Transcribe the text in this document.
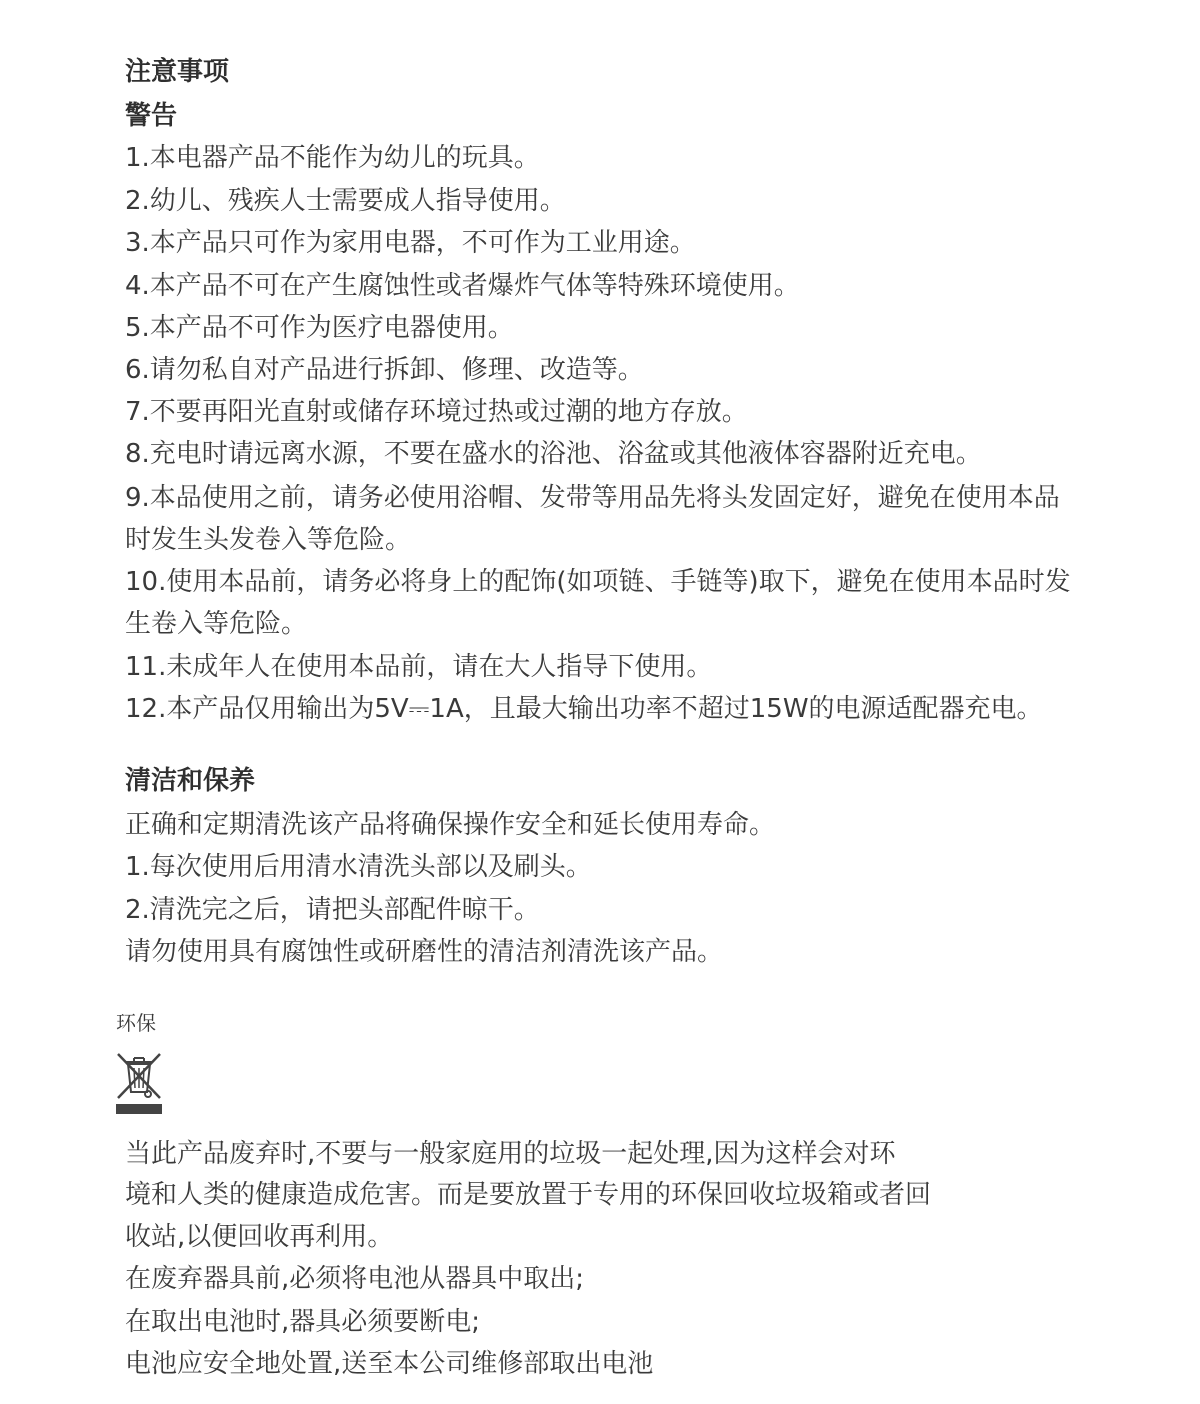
注意事项
警告
1.本电器产品不能作为幼儿的玩具。
2.幼儿、残疾人士需要成人指导使用。
3.本产品只可作为家用电器，不可作为工业用途。
4.本产品不可在产生腐蚀性或者爆炸气体等特殊环境使用。
5.本产品不可作为医疗电器使用。
6.请勿私自对产品进行拆卸、修理、改造等。
7.不要再阳光直射或储存环境过热或过潮的地方存放。
8.充电时请远离水源，不要在盛水的浴池、浴盆或其他液体容器附近充电。
9.本品使用之前，请务必使用浴帽、发带等用品先将头发固定好，避免在使用本品
时发生头发卷入等危险。
10.使用本品前，请务必将身上的配饰(如项链、手链等)取下，避免在使用本品时发
生卷入等危险。
11.未成年人在使用本品前，请在大人指导下使用。
12.本产品仅用输出为5V⎓1A，且最大输出功率不超过15W的电源适配器充电。
清洁和保养
正确和定期清洗该产品将确保操作安全和延长使用寿命。
1.每次使用后用清水清洗头部以及刷头。
2.清洗完之后，请把头部配件晾干。
请勿使用具有腐蚀性或研磨性的清洁剂清洗该产品。
环保
当此产品废弃时,不要与一般家庭用的垃圾一起处理,因为这样会对环
境和人类的健康造成危害。而是要放置于专用的环保回收垃圾箱或者回
收站,以便回收再利用。
在废弃器具前,必须将电池从器具中取出;
在取出电池时,器具必须要断电;
电池应安全地处置,送至本公司维修部取出电池
